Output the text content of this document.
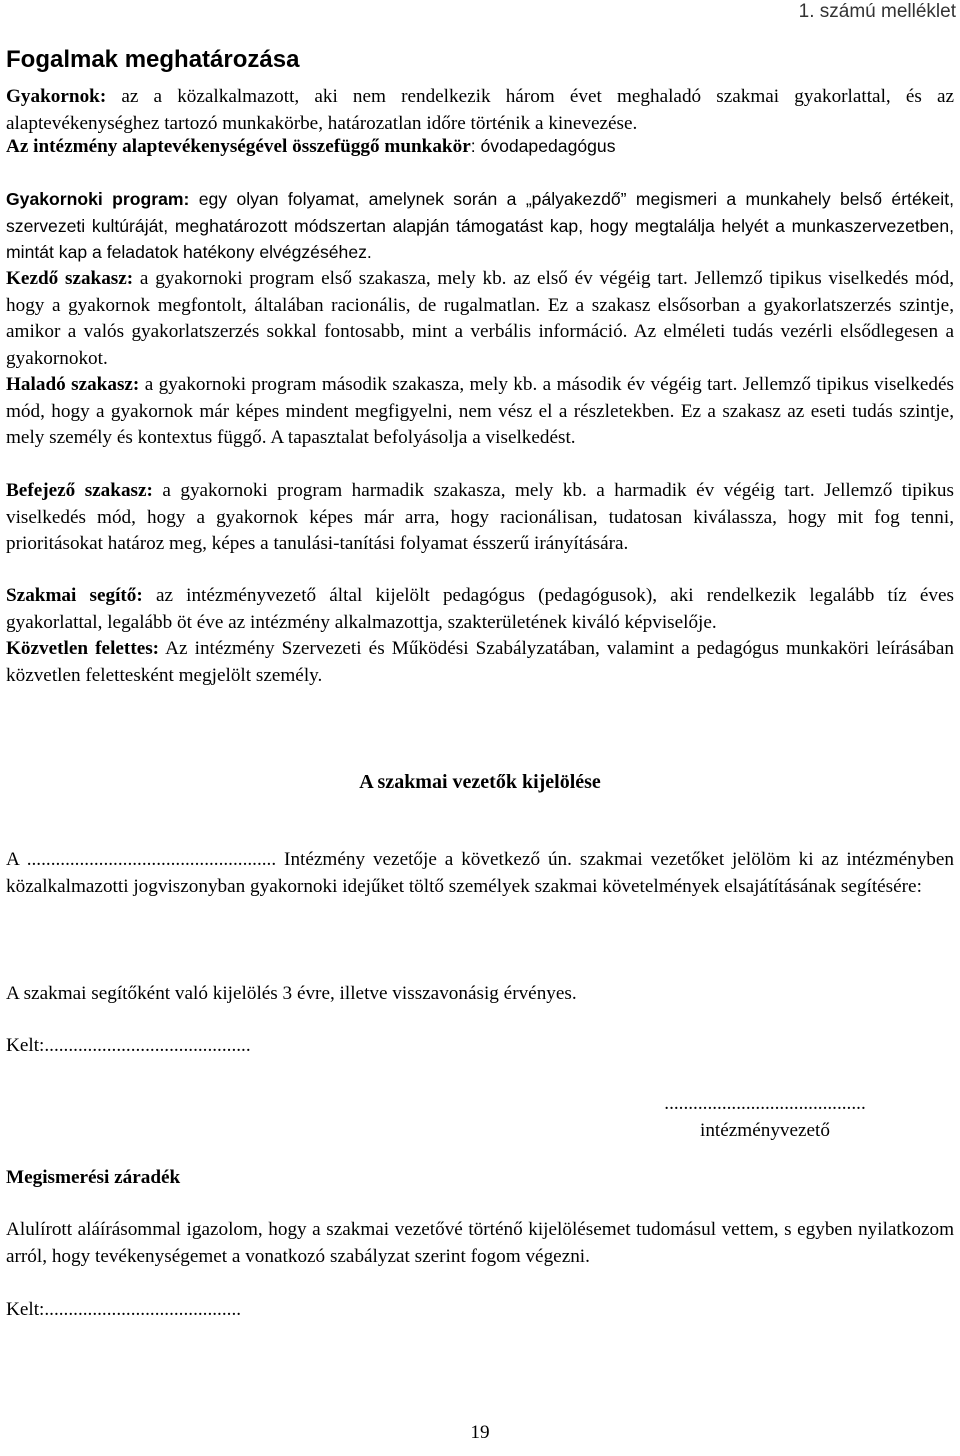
1. számú melléklet
Fogalmak meghatározása
Gyakornok: az a közalkalmazott, aki nem rendelkezik három évet meghaladó szakmai gyakorlattal, és az alaptevékenységhez tartozó munkakörbe, határozatlan időre történik a kinevezése.
Az intézmény alaptevékenységével összefüggő munkakör: óvodapedagógus
Gyakornoki program: egy olyan folyamat, amelynek során a „pályakezdő” megismeri a munkahely belső értékeit, szervezeti kultúráját, meghatározott módszertan alapján támogatást kap, hogy megtalálja helyét a munkaszervezetben, mintát kap a feladatok hatékony elvégzéséhez.
Kezdő szakasz: a gyakornoki program első szakasza, mely kb. az első év végéig tart. Jellemző tipikus viselkedés mód, hogy a gyakornok megfontolt, általában racionális, de rugalmatlan. Ez a szakasz elsősorban a gyakorlatszerzés szintje, amikor a valós gyakorlatszerzés sokkal fontosabb, mint a verbális információ. Az elméleti tudás vezérli elsődlegesen a gyakornokot.
Haladó szakasz: a gyakornoki program második szakasza, mely kb. a második év végéig tart. Jellemző tipikus viselkedés mód, hogy a gyakornok már képes mindent megfigyelni, nem vész el a részletekben. Ez a szakasz az eseti tudás szintje, mely személy és kontextus függő. A tapasztalat befolyásolja a viselkedést.
Befejező szakasz: a gyakornoki program harmadik szakasza, mely kb. a harmadik év végéig tart. Jellemző tipikus viselkedés mód, hogy a gyakornok képes már arra, hogy racionálisan, tudatosan kiválassza, hogy mit fog tenni, prioritásokat határoz meg, képes a tanulási-tanítási folyamat ésszerű irányítására.
Szakmai segítő: az intézményvezető által kijelölt pedagógus (pedagógusok), aki rendelkezik legalább tíz éves gyakorlattal, legalább öt éve az intézmény alkalmazottja, szakterületének kiváló képviselője.
Közvetlen felettes: Az intézmény Szervezeti és Működési Szabályzatában, valamint a pedagógus munkaköri leírásában közvetlen felettesként megjelölt személy.
A szakmai vezetők kijelölése
A .................................................... Intézmény vezetője a következő ún. szakmai vezetőket jelölöm ki az intézményben közalkalmazotti jogviszonyban gyakornoki idejűket töltő személyek szakmai követelmények elsajátításának segítésére:
A szakmai segítőként való kijelölés 3 évre, illetve visszavonásig érvényes.
Kelt:...........................................
..........................................
intézményvezető
Megismerési záradék
Alulírott aláírásommal igazolom, hogy a szakmai vezetővé történő kijelölésemet tudomásul vettem, s egyben nyilatkozom arról, hogy tevékenységemet a vonatkozó szabályzat szerint fogom végezni.
Kelt:.........................................
19
